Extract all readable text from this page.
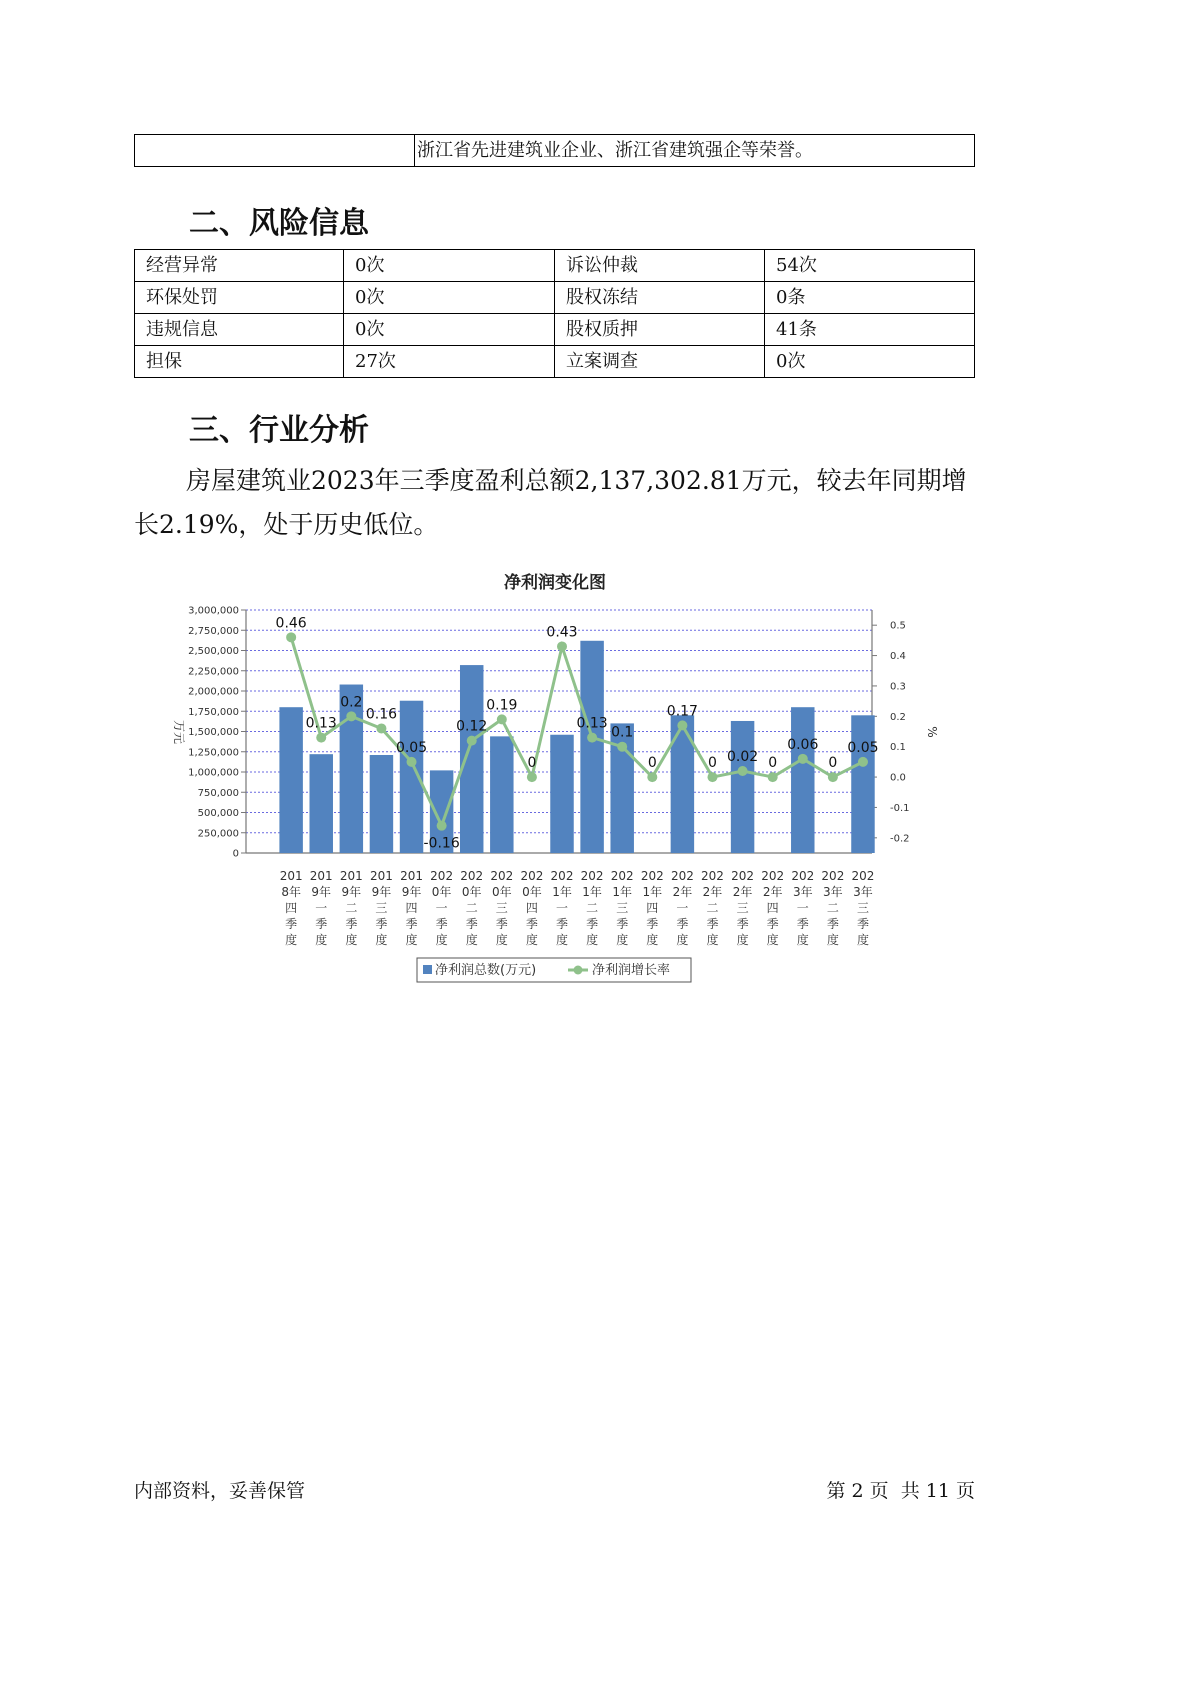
	浙江省先进建筑业企业、浙江省建筑强企等荣誉。
二、风险信息
经营异常	0次	诉讼仲裁	54次
环保处罚	0次	股权冻结	0条
违规信息	0次	股权质押	41条
担保	27次	立案调查	0次
三、行业分析
房屋建筑业2023年三季度盈利总额2,137,302.81万元，较去年同期增长2.19%，处于历史低位。
净利润变化图
3,000,000
2,750,000
2,500,000
2,250,000
2,000,000
1,750,000
1,500,000
1,250,000
1,000,000
750,000
500,000
250,000
0
0.5
0.4
0.3
0.2
0.1
0.0
-0.1
-0.2
万元	%
201 8年四季度
201 9年一季度
201 9年二季度
201 9年三季度
201 9年四季度
202 0年一季度
202 0年二季度
202 0年三季度
202 0年四季度
202 1年一季度
202 1年二季度
202 1年三季度
202 1年四季度
202 2年一季度
202 2年二季度
202 2年三季度
202 2年四季度
202 3年一季度
202 3年二季度
202 3年三季度
0.46
0.13
0.2
0.16
0.05
-0.16
0.12
0.19
0
0.43
0.13
0.1
0
0.17
0 0.02 0
0.06
0
0.05
净利润总数(万元)	净利润增长率
内部资料，妥善保管	第 2 页  共 11 页
